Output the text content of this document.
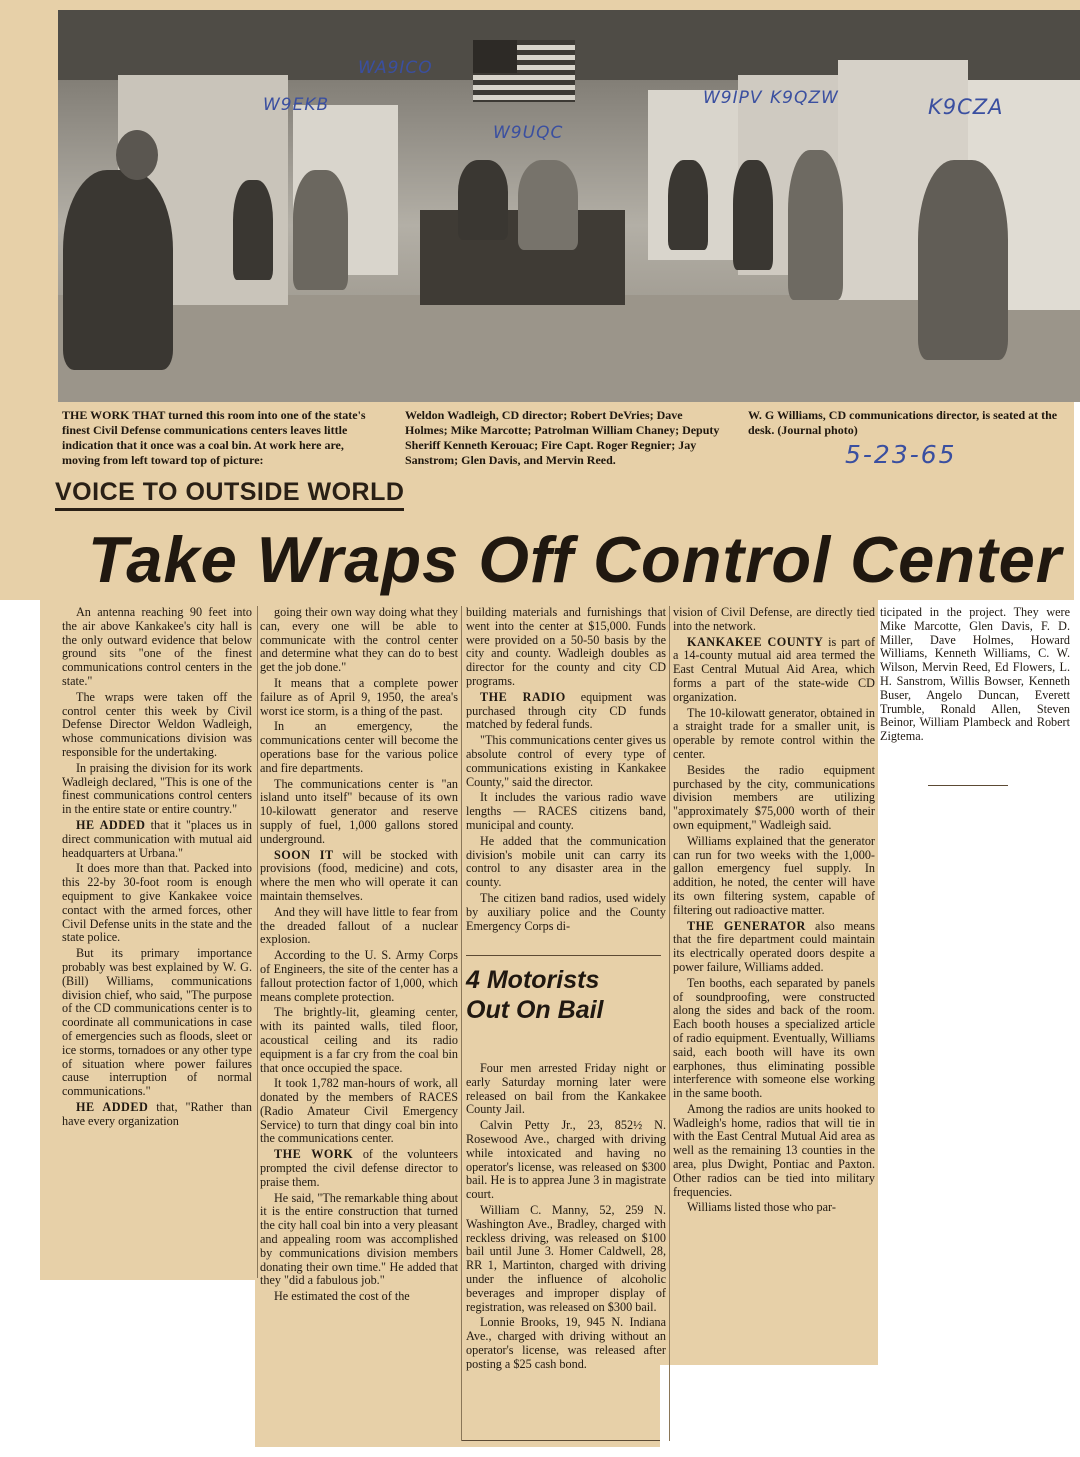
WA9ICO
W9EKB
W9UQC
W9IPV K9QZW	K9CZA

THE WORK THAT turned this room into one of the state's finest Civil Defense communications centers leaves little indication that it once was a coal bin. At work here are, moving from left toward top of picture:

Weldon Wadleigh, CD director; Robert DeVries; Dave Holmes; Mike Marcotte; Patrolman William Chaney; Deputy Sheriff Kenneth Kerouac; Fire Capt. Roger Regnier; Jay Sanstrom; Glen Davis, and Mervin Reed.

W. G Williams, CD communications director, is seated at the desk. (Journal photo)

5-23-65
VOICE TO OUTSIDE WORLD
Take Wraps Off Control Center

An antenna reaching 90 feet into the air above Kankakee's city hall is the only outward evidence that below ground sits "one of the finest communications control centers in the state."

The wraps were taken off the control center this week by Civil Defense Director Weldon Wadleigh, whose communications division was responsible for the undertaking.

In praising the division for its work Wadleigh declared, "This is one of the finest communications control centers in the entire state or entire country."

HE ADDED that it "places us in direct communication with mutual aid headquarters at Urbana."

It does more than that. Packed into this 22-by 30-foot room is enough equipment to give Kankakee voice contact with the armed forces, other Civil Defense units in the state and the state police.

But its primary importance probably was best explained by W. G. (Bill) Williams, communications division chief, who said, "The purpose of the CD communications center is to coordinate all communications in case of emergencies such as floods, sleet or ice storms, tornadoes or any other type of situation where power failures cause interruption of normal communications."

HE ADDED that, "Rather than have every organization

going their own way doing what they can, every one will be able to communicate with the control center and determine what they can do to best get the job done."

It means that a complete power failure as of April 9, 1950, the area's worst ice storm, is a thing of the past.

In an emergency, the communications center will become the operations base for the various police and fire departments.

The communications center is "an island unto itself" because of its own 10-kilowatt generator and reserve supply of fuel, 1,000 gallons stored underground.

SOON IT will be stocked with provisions (food, medicine) and cots, where the men who will operate it can maintain themselves.

And they will have little to fear from the dreaded fallout of a nuclear explosion.

According to the U. S. Army Corps of Engineers, the site of the center has a fallout protection factor of 1,000, which means complete protection.

The brightly-lit, gleaming center, with its painted walls, tiled floor, acoustical ceiling and its radio equipment is a far cry from the coal bin that once occupied the space.

It took 1,782 man-hours of work, all donated by the members of RACES (Radio Amateur Civil Emergency Service) to turn that dingy coal bin into the communications center.

THE WORK of the volunteers prompted the civil defense director to praise them.

He said, "The remarkable thing about it is the entire construction that turned the city hall coal bin into a very pleasant and appealing room was accomplished by communications division members donating their own time." He added that they "did a fabulous job."

He estimated the cost of the

building materials and furnishings that went into the center at $15,000. Funds were provided on a 50-50 basis by the city and county. Wadleigh doubles as director for the county and city CD programs.

THE RADIO equipment was purchased through city CD funds matched by federal funds.

"This communications center gives us absolute control of every type of communications existing in Kankakee County," said the director.

It includes the various radio wave lengths — RACES citizens band, municipal and county.

He added that the communication division's mobile unit can carry its control to any disaster area in the county.

The citizen band radios, used widely by auxiliary police and the County Emergency Corps di-

4 Motorists
Out On Bail

Four men arrested Friday night or early Saturday morning later were released on bail from the Kankakee County Jail.

Calvin Petty Jr., 23, 852½ N. Rosewood Ave., charged with driving while intoxicated and having no operator's license, was released on $300 bail. He is to apprea June 3 in magistrate court.

William C. Manny, 52, 259 N. Washington Ave., Bradley, charged with reckless driving, was released on $100 bail until June 3. Homer Caldwell, 28, RR 1, Martinton, charged with driving under the influence of alcoholic beverages and improper display of registration, was released on $300 bail.

Lonnie Brooks, 19, 945 N. Indiana Ave., charged with driving without an operator's license, was released after posting a $25 cash bond.

vision of Civil Defense, are directly tied into the network.

KANKAKEE COUNTY is part of a 14-county mutual aid area termed the East Central Mutual Aid Area, which forms a part of the state-wide CD organization.

The 10-kilowatt generator, obtained in a straight trade for a smaller unit, is operable by remote control within the center.

Besides the radio equipment purchased by the city, communications division members are utilizing "approximately $75,000 worth of their own equipment," Wadleigh said.

Williams explained that the generator can run for two weeks with the 1,000-gallon emergency fuel supply. In addition, he noted, the center will have its own filtering system, capable of filtering out radioactive matter.

THE GENERATOR also means that the fire department could maintain its electrically operated doors despite a power failure, Williams added.

Ten booths, each separated by panels of soundproofing, were constructed along the sides and back of the room. Each booth houses a specialized article of radio equipment. Eventually, Williams said, each booth will have its own earphones, thus eliminating possible interference with someone else working in the same booth.

Among the radios are units hooked to Wadleigh's home, radios that will tie in with the East Central Mutual Aid area as well as the remaining 13 counties in the area, plus Dwight, Pontiac and Paxton. Other radios can be tied into military frequencies.

Williams listed those who par-

ticipated in the project. They were Mike Marcotte, Glen Davis, F. D. Miller, Dave Holmes, Howard Williams, Kenneth Williams, C. W. Wilson, Mervin Reed, Ed Flowers, L. H. Sanstrom, Willis Bowser, Kenneth Buser, Angelo Duncan, Everett Trumble, Ronald Allen, Steven Beinor, William Plambeck and Robert Zigtema.
